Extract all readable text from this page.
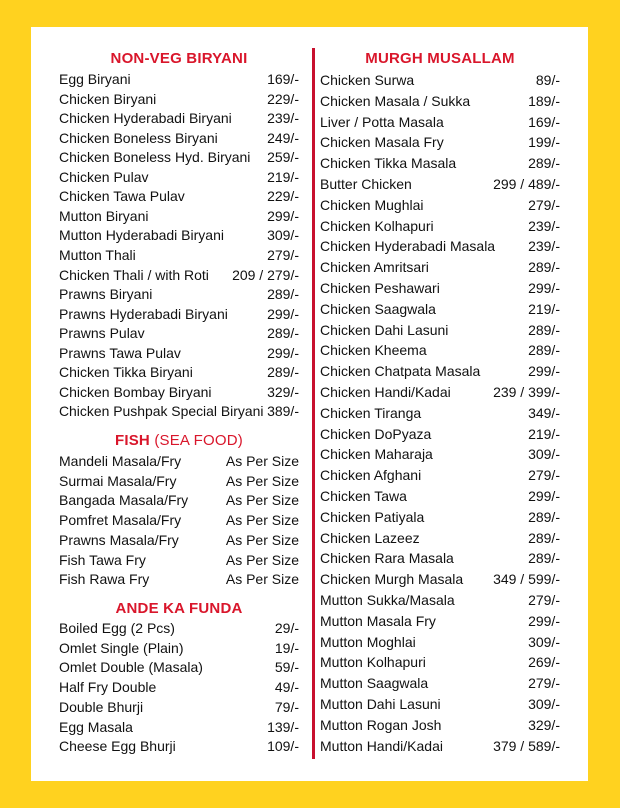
NON-VEG BIRYANI
FISH (SEA FOOD)
ANDE KA FUNDA
Egg Biryani	169/-
Chicken Biryani	229/-
Chicken Hyderabadi Biryani	239/-
Chicken Boneless Biryani	249/-
Chicken Boneless Hyd. Biryani 259/-
Chicken Pulav	219/-
Chicken Tawa Pulav	229/-
Mutton Biryani	299/-
Mutton Hyderabadi Biryani	309/-
Mutton Thali	279/-
Chicken Thali / with Roti 209 / 279/-
Prawns Biryani	289/-
Prawns Hyderabadi Biryani	299/-
Prawns Pulav	289/-
Prawns Tawa Pulav	299/-
Chicken Tikka Biryani	289/-
Chicken Bombay Biryani	329/-
Chicken Pushpak Special Biryani 389/-
Mandeli Masala/Fry	As Per Size
Surmai Masala/Fry	As Per Size
Bangada Masala/Fry	As Per Size
Pomfret Masala/Fry	As Per Size
Prawns Masala/Fry	As Per Size
Fish Tawa Fry	As Per Size
Fish Rawa Fry	As Per Size
Boiled Egg (2 Pcs)	29/-
Omlet Single (Plain)	19/-
Omlet Double (Masala)	59/-
Half Fry Double	49/-
Double Bhurji	79/-
Egg Masala	139/-
Cheese Egg Bhurji	109/-
MURGH MUSALLAM
Chicken Surwa	89/-
Chicken Masala / Sukka	189/-
Liver / Potta Masala	169/-
Chicken Masala Fry	199/-
Chicken Tikka Masala	289/-
Butter Chicken	299 / 489/-
Chicken Mughlai	279/-
Chicken Kolhapuri	239/-
Chicken Hyderabadi Masala 239/-
Chicken Amritsari	289/-
Chicken Peshawari	299/-
Chicken Saagwala	219/-
Chicken Dahi Lasuni	289/-
Chicken Kheema	289/-
Chicken Chatpata Masala	299/-
Chicken Handi/Kadai	239 / 399/-
Chicken Tiranga	349/-
Chicken DoPyaza	219/-
Chicken Maharaja	309/-
Chicken Afghani	279/-
Chicken Tawa	299/-
Chicken Patiyala	289/-
Chicken Lazeez	289/-
Chicken Rara Masala	289/-
Chicken Murgh Masala 349 / 599/-
Mutton Sukka/Masala	279/-
Mutton Masala Fry	299/-
Mutton Moghlai	309/-
Mutton Kolhapuri	269/-
Mutton Saagwala	279/-
Mutton Dahi Lasuni	309/-
Mutton Rogan Josh	329/-
Mutton Handi/Kadai	379 / 589/-
